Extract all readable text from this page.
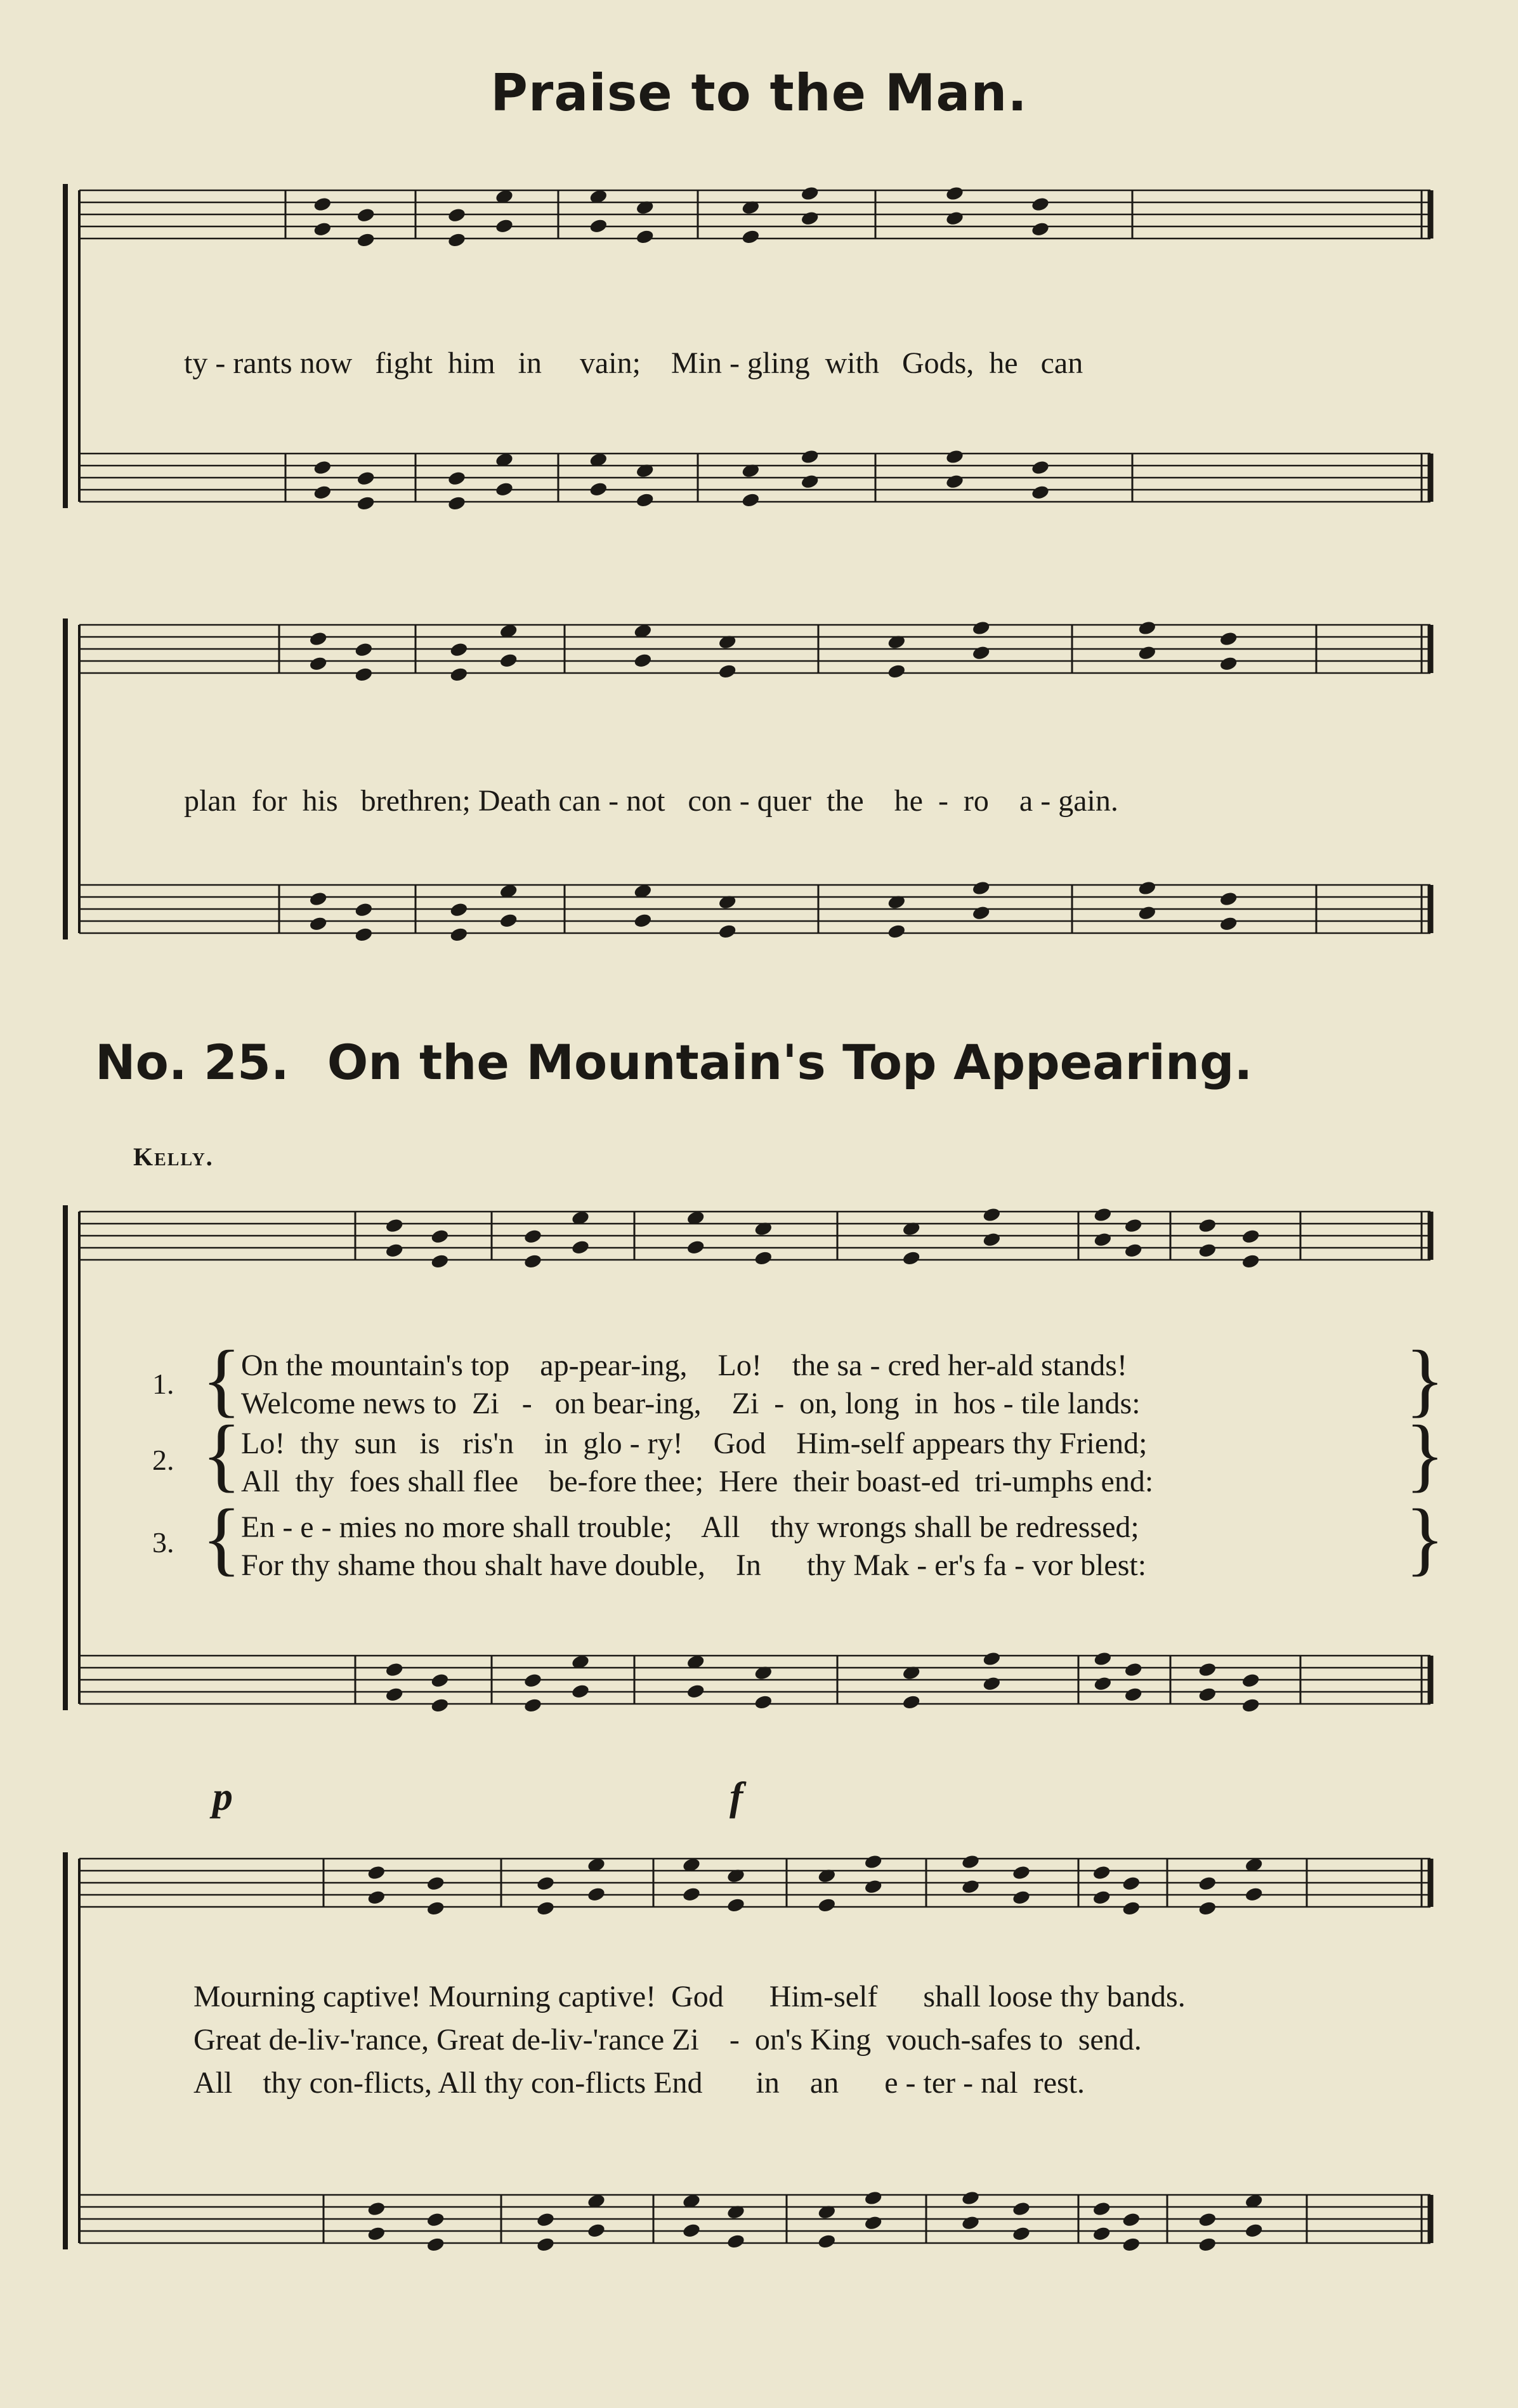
Praise to the Man.
ty - rants now   fight  him   in     vain;    Min - gling  with   Gods,  he   can
plan  for  his   brethren; Death can - not   con - quer  the    he  -  ro    a - gain.
No. 25. On the Mountain's Top Appearing.
Kelly.
1. { On the mountain's top    ap-pear-ing,    Lo!    the sa - cred her-ald stands!
Welcome news to  Zi   -   on bear-ing,    Zi  -  on, long  in  hos - tile lands:	}
2. { Lo!  thy  sun   is   ris'n    in  glo - ry!    God    Him-self appears thy Friend;
All  thy  foes shall flee    be-fore thee;  Here  their boast-ed  tri-umphs end:	}
3. { En - e - mies no more shall trouble;    All    thy wrongs shall be redressed;
For thy shame thou shalt have double,    In      thy Mak - er's fa - vor blest:	}
p	f
Mourning captive! Mourning captive!  God      Him-self      shall loose thy bands.
Great de-liv-'rance, Great de-liv-'rance Zi    -  on's King  vouch-safes to  send.
All    thy con-flicts, All thy con-flicts End       in    an      e - ter - nal  rest.
